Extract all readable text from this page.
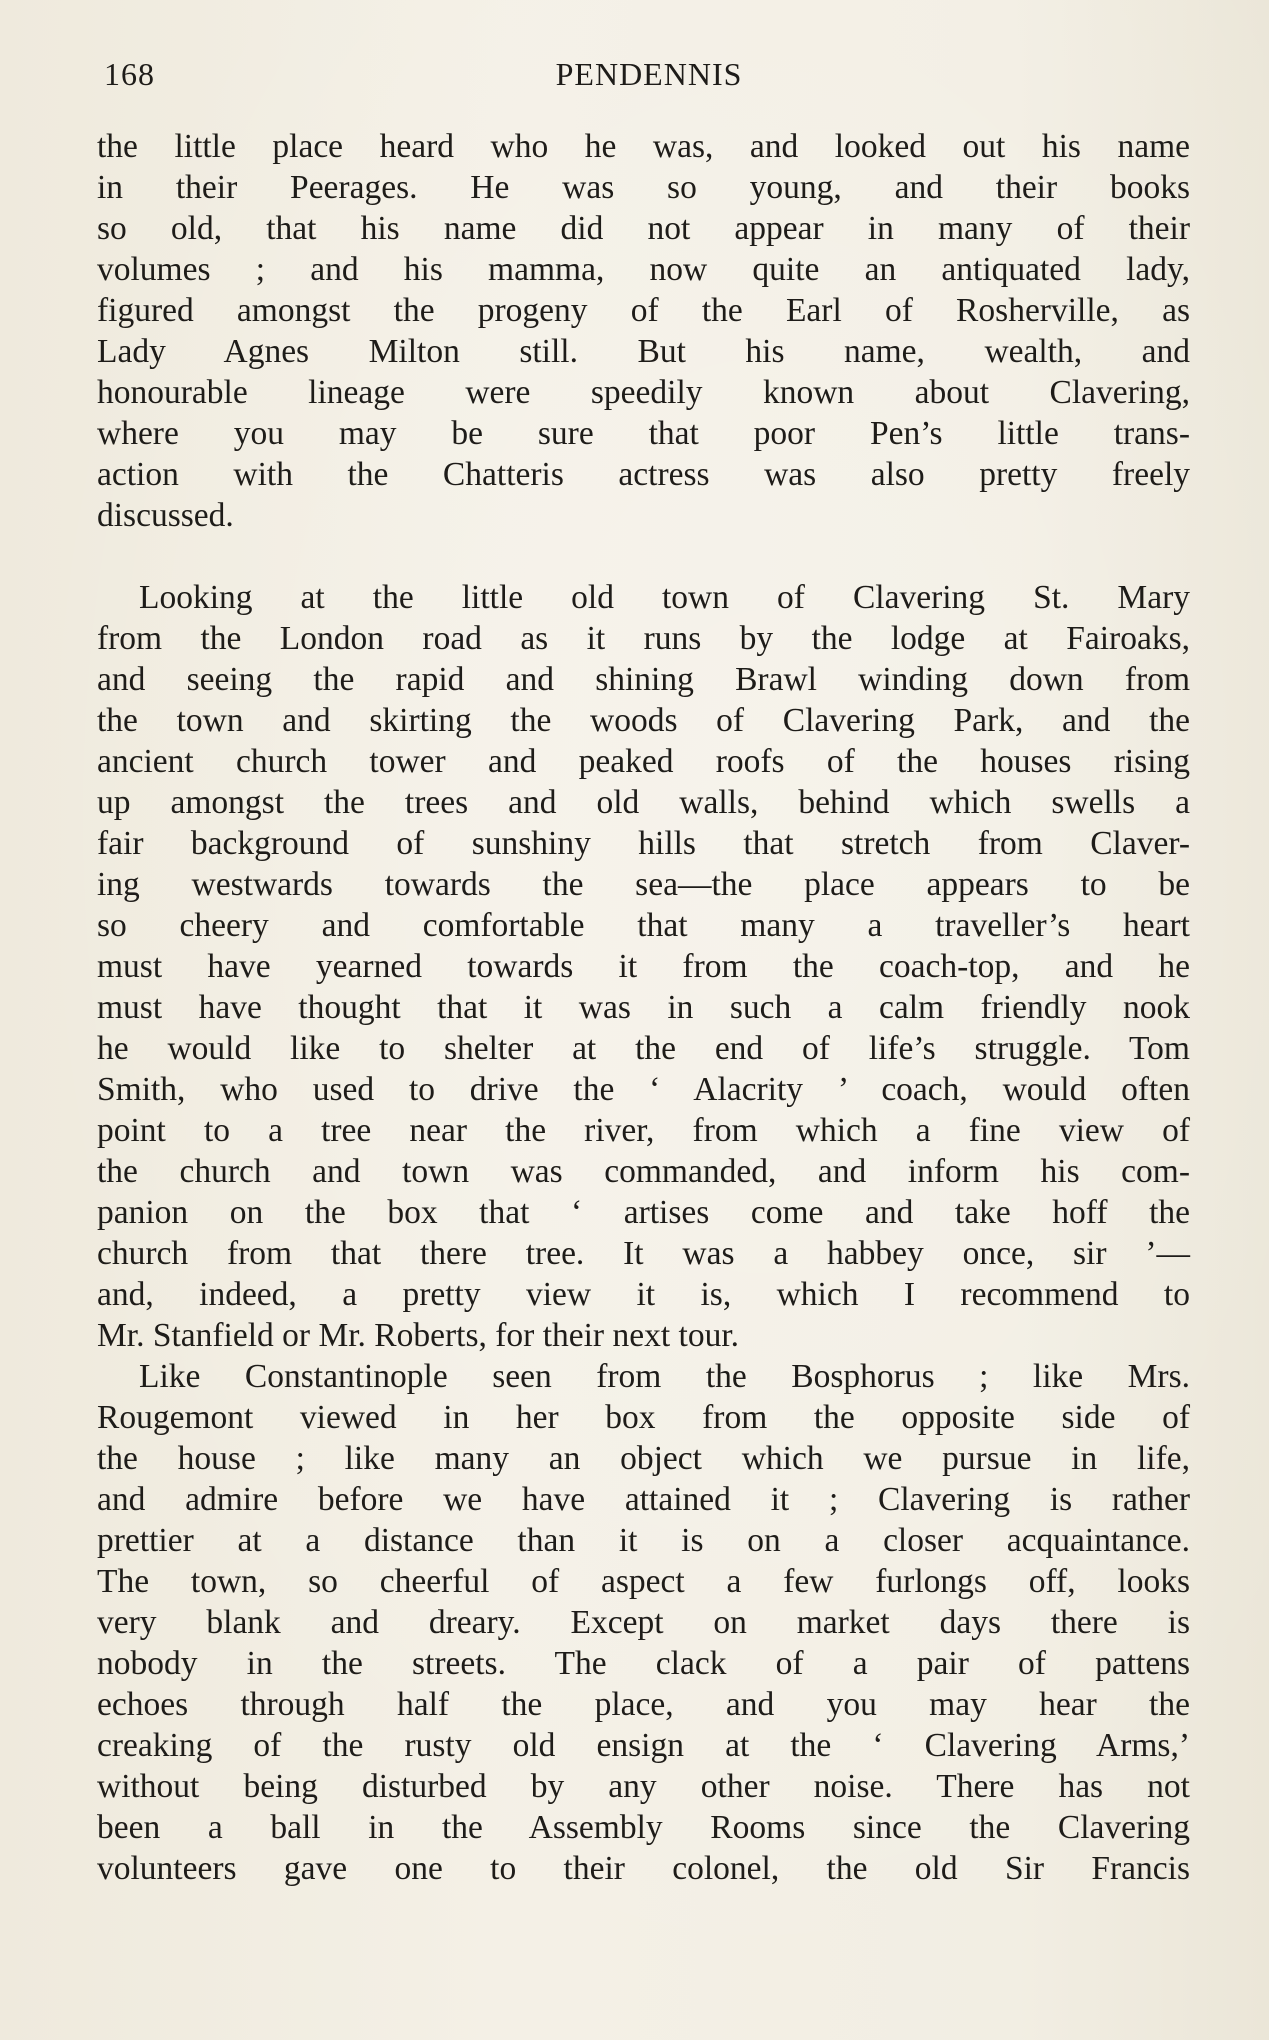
168	PENDENNIS
the little place heard who he was, and looked out his name
in their Peerages. He was so young, and their books
so old, that his name did not appear in many of their
volumes ; and his mamma, now quite an antiquated lady,
figured amongst the progeny of the Earl of Rosherville, as
Lady Agnes Milton still. But his name, wealth, and
honourable lineage were speedily known about Clavering,
where you may be sure that poor Pen’s little trans-
action with the Chatteris actress was also pretty freely
discussed.
Looking at the little old town of Clavering St. Mary
from the London road as it runs by the lodge at Fairoaks,
and seeing the rapid and shining Brawl winding down from
the town and skirting the woods of Clavering Park, and the
ancient church tower and peaked roofs of the houses rising
up amongst the trees and old walls, behind which swells a
fair background of sunshiny hills that stretch from Claver-
ing westwards towards the sea—the place appears to be
so cheery and comfortable that many a traveller’s heart
must have yearned towards it from the coach-top, and he
must have thought that it was in such a calm friendly nook
he would like to shelter at the end of life’s struggle. Tom
Smith, who used to drive the ‘ Alacrity ’ coach, would often
point to a tree near the river, from which a fine view of
the church and town was commanded, and inform his com-
panion on the box that ‘ artises come and take hoff the
church from that there tree. It was a habbey once, sir ’—
and, indeed, a pretty view it is, which I recommend to
Mr. Stanfield or Mr. Roberts, for their next tour.
Like Constantinople seen from the Bosphorus ; like Mrs.
Rougemont viewed in her box from the opposite side of
the house ; like many an object which we pursue in life,
and admire before we have attained it ; Clavering is rather
prettier at a distance than it is on a closer acquaintance.
The town, so cheerful of aspect a few furlongs off, looks
very blank and dreary. Except on market days there is
nobody in the streets. The clack of a pair of pattens
echoes through half the place, and you may hear the
creaking of the rusty old ensign at the ‘ Clavering Arms,’
without being disturbed by any other noise. There has not
been a ball in the Assembly Rooms since the Clavering
volunteers gave one to their colonel, the old Sir Francis
